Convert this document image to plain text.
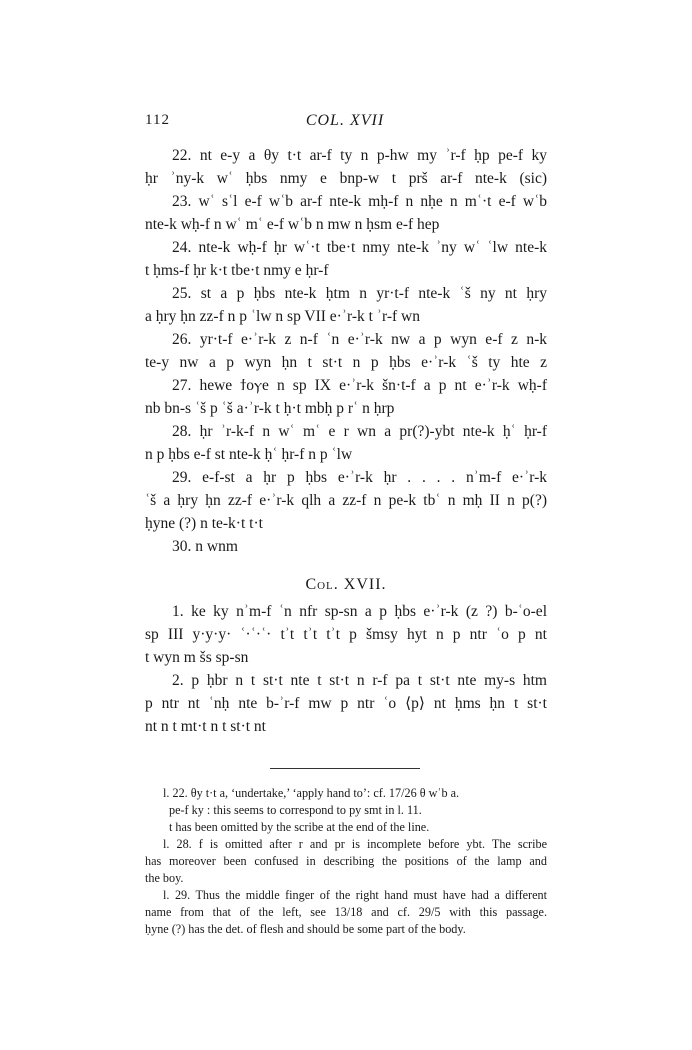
112	COL. XVII
22. nt e-y a θy t·t ar-f ty n p-hw my ʾr-f ḥp pe-f ky
ḥr ʾny-k wʿ ḥbs nmy e bnp-w t prš ar-f nte-k (sic)
23. wʿ sʿl e-f wʿb ar-f nte-k mḥ-f n nḥe n mʿ·t e-f wʿb
nte-k wḥ-f n wʿ mʿ e-f wʿb n mw n ḥsm e-f hep
24. nte-k wḥ-f ḥr wʿ·t tbe·t nmy nte-k ʾny wʿ ʿlw nte-k
t ḥms-f ḥr k·t tbe·t nmy e ḥr-f
25. st a p ḥbs nte-k ḥtm n yr·t-f nte-k ʿš ny nt ḥry
a ḥry ḥn zz-f n p ʿlw n sp VII e·ʾr-k t ʾr-f wn
26. yr·t-f e·ʾr-k z n-f ʿn e·ʾr-k nw a p wyn e-f z n-k
te-y nw a p wyn ḥn t st·t n p ḥbs e·ʾr-k ʿš ty hte z
27. hewe ϯoⲩe n sp IX e·ʾr-k šn·t-f a p nt e·ʾr-k wḥ-f
nb bn-s ʿš p ʿš a·ʾr-k t ḥ·t mbḥ p rʿ n ḥrp
28. ḥr ʾr-k-f n wʿ mʿ e r wn a pr(?)-ybt nte-k ḥʿ ḥr-f
n p ḥbs e-f st nte-k ḥʿ ḥr-f n p ʿlw
29. e-f-st a ḥr p ḥbs e·ʾr-k ḥr . . . . nʾm-f e·ʾr-k
ʿš a ḥry ḥn zz-f e·ʾr-k qlh a zz-f n pe-k tbʿ n mḥ II n p(?)
ḥyne (?) n te-k·t t·t
30. n wnm
Col. XVII.
1. ke ky nʾm-f ʿn nfr sp-sn a p ḥbs e·ʾr-k (z ?) b-ʿo-el
sp III y·y·y· ʿ·ʿ·ʿ· tʾt tʾt tʾt p šmsy hyt n p ntr ʿo p nt
t wyn m šs sp-sn
2. p ḥbr n t st·t nte t st·t n r-f pa t st·t nte my-s htm
p ntr nt ʿnḥ nte b-ʾr-f mw p ntr ʿo ⟨p⟩ nt ḥms ḥn t st·t
nt n t mt·t n t st·t nt
l. 22. θy t·t a, ‘undertake,’ ‘apply hand to’: cf. 17/26 θ wʿb a.
pe-f ky : this seems to correspond to py smt in l. 11.
t has been omitted by the scribe at the end of the line.
l. 28. f is omitted after r and pr is incomplete before ybt. The scribe
has moreover been confused in describing the positions of the lamp and
the boy.
l. 29. Thus the middle finger of the right hand must have had a different
name from that of the left, see 13/18 and cf. 29/5 with this passage.
ḥyne (?) has the det. of flesh and should be some part of the body.
